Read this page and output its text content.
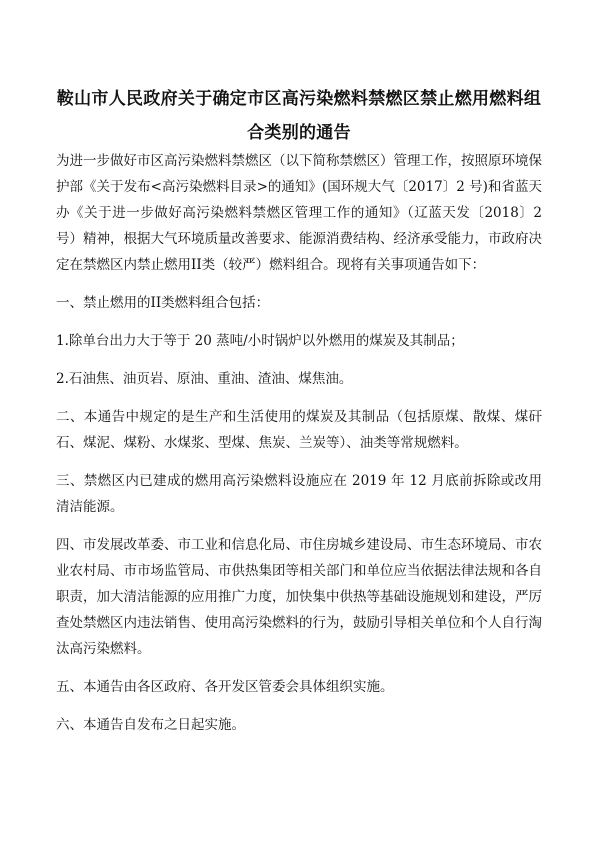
鞍山市人民政府关于确定市区高污染燃料禁燃区禁止燃用燃料组合类别的通告

为进一步做好市区高污染燃料禁燃区（以下简称禁燃区）管理工作，按照原环境保护部《关于发布<高污染燃料目录>的通知》(国环规大气〔2017〕2 号)和省蓝天办《关于进一步做好高污染燃料禁燃区管理工作的通知》（辽蓝天发〔2018〕2 号）精神，根据大气环境质量改善要求、能源消费结构、经济承受能力，市政府决定在禁燃区内禁止燃用II类（较严）燃料组合。现将有关事项通告如下：

一、禁止燃用的II类燃料组合包括：

1.除单台出力大于等于 20 蒸吨/小时锅炉以外燃用的煤炭及其制品；

2.石油焦、油页岩、原油、重油、渣油、煤焦油。

二、本通告中规定的是生产和生活使用的煤炭及其制品（包括原煤、散煤、煤矸石、煤泥、煤粉、水煤浆、型煤、焦炭、兰炭等）、油类等常规燃料。

三、禁燃区内已建成的燃用高污染燃料设施应在 2019 年 12 月底前拆除或改用清洁能源。

四、市发展改革委、市工业和信息化局、市住房城乡建设局、市生态环境局、市农业农村局、市市场监管局、市供热集团等相关部门和单位应当依据法律法规和各自职责，加大清洁能源的应用推广力度，加快集中供热等基础设施规划和建设，严厉查处禁燃区内违法销售、使用高污染燃料的行为，鼓励引导相关单位和个人自行淘汰高污染燃料。

五、本通告由各区政府、各开发区管委会具体组织实施。

六、本通告自发布之日起实施。
